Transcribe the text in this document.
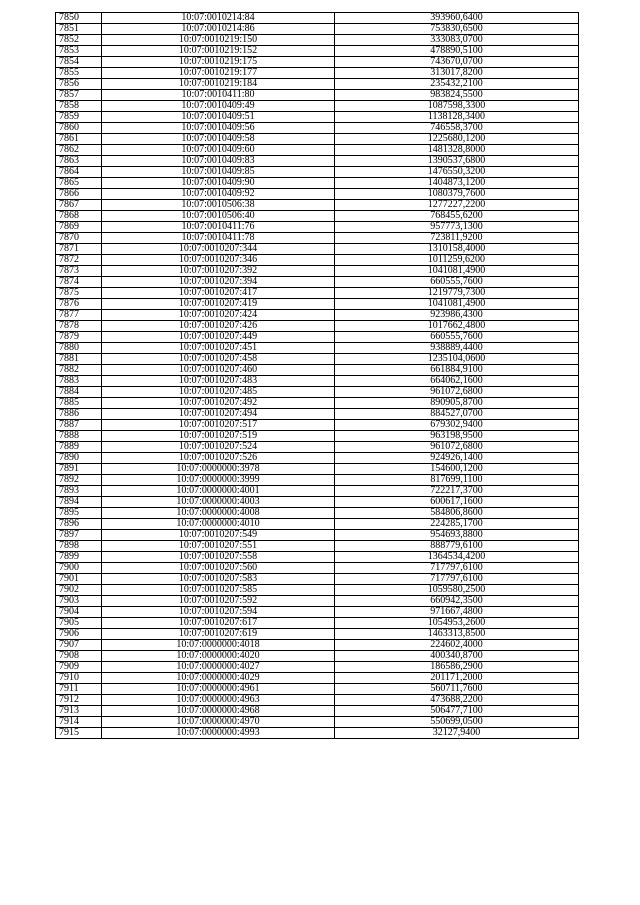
7850	10:07:0010214:84	393960,6400
7851	10:07:0010214:86	753830,6500
7852	10:07:0010219:150	333083,0700
7853	10:07:0010219:152	478890,5100
7854	10:07:0010219:175	743670,0700
7855	10:07:0010219:177	313017,8200
7856	10:07:0010219:184	235432,2100
7857	10:07:0010411:80	983824,5500
7858	10:07:0010409:49	1087598,3300
7859	10:07:0010409:51	1138128,3400
7860	10:07:0010409:56	746558,3700
7861	10:07:0010409:58	1225680,1200
7862	10:07:0010409:60	1481328,8000
7863	10:07:0010409:83	1390537,6800
7864	10:07:0010409:85	1476550,3200
7865	10:07:0010409:90	1404873,1200
7866	10:07:0010409:92	1080379,7600
7867	10:07:0010506:38	1277227,2200
7868	10:07:0010506:40	768455,6200
7869	10:07:0010411:76	957773,1300
7870	10:07:0010411:78	723811,9200
7871	10:07:0010207:344	1310158,4000
7872	10:07:0010207:346	1011259,6200
7873	10:07:0010207:392	1041081,4900
7874	10:07:0010207:394	660555,7600
7875	10:07:0010207:417	1219779,7300
7876	10:07:0010207:419	1041081,4900
7877	10:07:0010207:424	923986,4300
7878	10:07:0010207:426	1017662,4800
7879	10:07:0010207:449	660555,7600
7880	10:07:0010207:451	938889,4400
7881	10:07:0010207:458	1235104,0600
7882	10:07:0010207:460	661884,9100
7883	10:07:0010207:483	664062,1600
7884	10:07:0010207:485	961072,6800
7885	10:07:0010207:492	890905,8700
7886	10:07:0010207:494	884527,0700
7887	10:07:0010207:517	679302,9400
7888	10:07:0010207:519	963198,9500
7889	10:07:0010207:524	961072,6800
7890	10:07:0010207:526	924926,1400
7891	10:07:0000000:3978	154600,1200
7892	10:07:0000000:3999	817699,1100
7893	10:07:0000000:4001	722217,3700
7894	10:07:0000000:4003	600617,1600
7895	10:07:0000000:4008	584806,8600
7896	10:07:0000000:4010	224285,1700
7897	10:07:0010207:549	954693,8800
7898	10:07:0010207:551	888779,6100
7899	10:07:0010207:558	1364534,4200
7900	10:07:0010207:560	717797,6100
7901	10:07:0010207:583	717797,6100
7902	10:07:0010207:585	1059580,2500
7903	10:07:0010207:592	660942,3500
7904	10:07:0010207:594	971667,4800
7905	10:07:0010207:617	1054953,2600
7906	10:07:0010207:619	1463313,8500
7907	10:07:0000000:4018	224602,4000
7908	10:07:0000000:4020	400340,8700
7909	10:07:0000000:4027	186586,2900
7910	10:07:0000000:4029	201171,2000
7911	10:07:0000000:4961	560711,7600
7912	10:07:0000000:4963	473688,2200
7913	10:07:0000000:4968	506477,7100
7914	10:07:0000000:4970	550699,0500
7915	10:07:0000000:4993	32127,9400
